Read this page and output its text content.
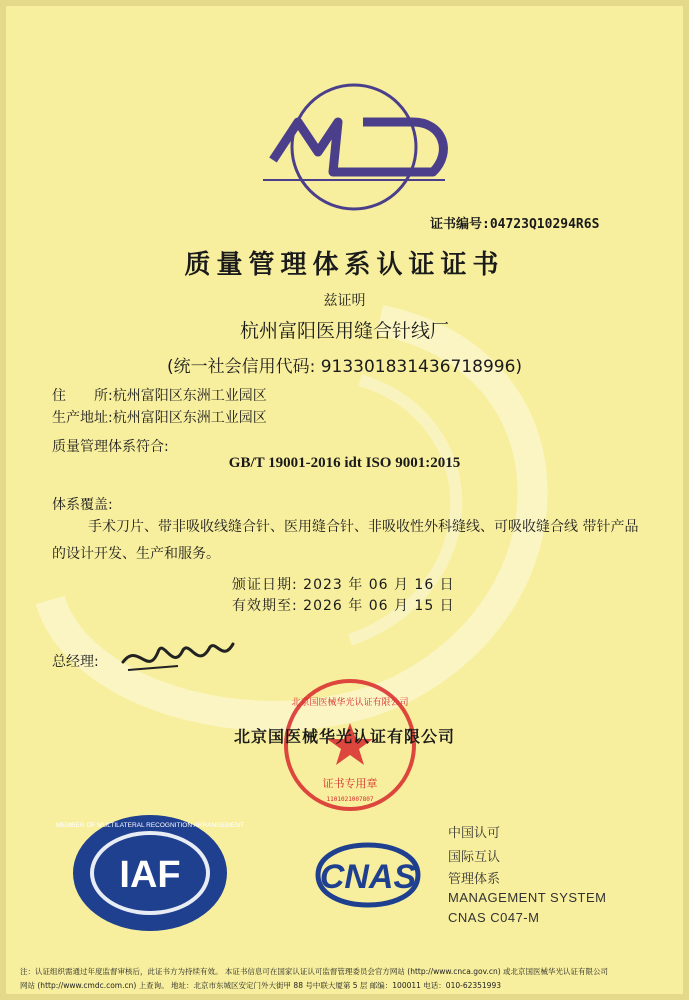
证书编号:04723Q10294R6S
质量管理体系认证证书
兹证明
杭州富阳医用缝合针线厂
(统一社会信用代码: 913301831436718996)
住　　所:杭州富阳区东洲工业园区
生产地址:杭州富阳区东洲工业园区
质量管理体系符合:
GB/T 19001-2016 idt ISO 9001:2015
体系覆盖:
手术刀片、带非吸收线缝合针、医用缝合针、非吸收性外科缝线、可吸收缝合线 带针产品的设计开发、生产和服务。
颁证日期: 2023 年 06 月 16 日
有效期至: 2026 年 06 月 15 日
总经理:
证书专用章
北京国医械华光认证有限公司
1101021007807
北京国医械华光认证有限公司
IAF
MEMBER OF MULTILATERAL RECOGNITION ARRANGEMENT
CNAS
中国认可
国际互认
管理体系
MANAGEMENT SYSTEM
CNAS C047-M
注：认证组织需通过年度监督审核后，此证书方为持续有效。 本证书信息可在国家认证认可监督管理委员会官方网站 (http://www.cnca.gov.cn) 或北京国医械华光认证有限公司
网站 (http://www.cmdc.com.cn) 上查询。 地址：北京市东城区安定门外大街甲 88 号中联大厦第 5 层 邮编：100011 电话：010-62351993
